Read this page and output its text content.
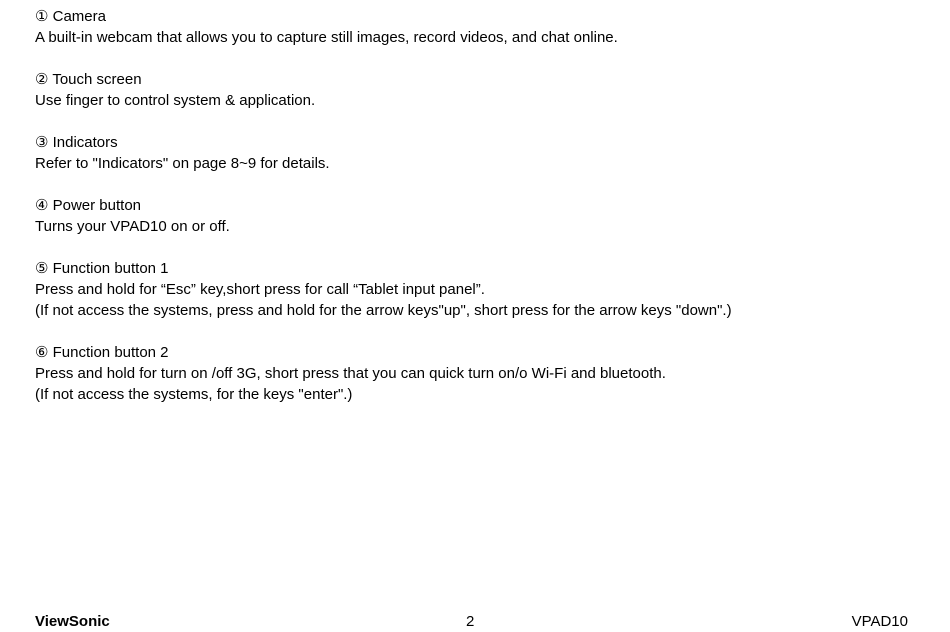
① Camera
A built-in webcam that allows you to capture still images, record videos, and chat online.
② Touch screen
Use finger to control system & application.
③ Indicators
Refer to "Indicators" on page 8~9 for details.
④ Power button
Turns your VPAD10 on or off.
⑤ Function button 1
Press and hold for “Esc” key,short press for call “Tablet input panel”.
(If not access the systems, press and hold for the arrow keys"up", short press for the arrow keys "down".)
⑥ Function button 2
Press and hold for turn on /off 3G, short press that you can quick turn on/o Wi-Fi and bluetooth.
(If not access the systems, for the keys "enter".)
ViewSonic	2	VPAD10
